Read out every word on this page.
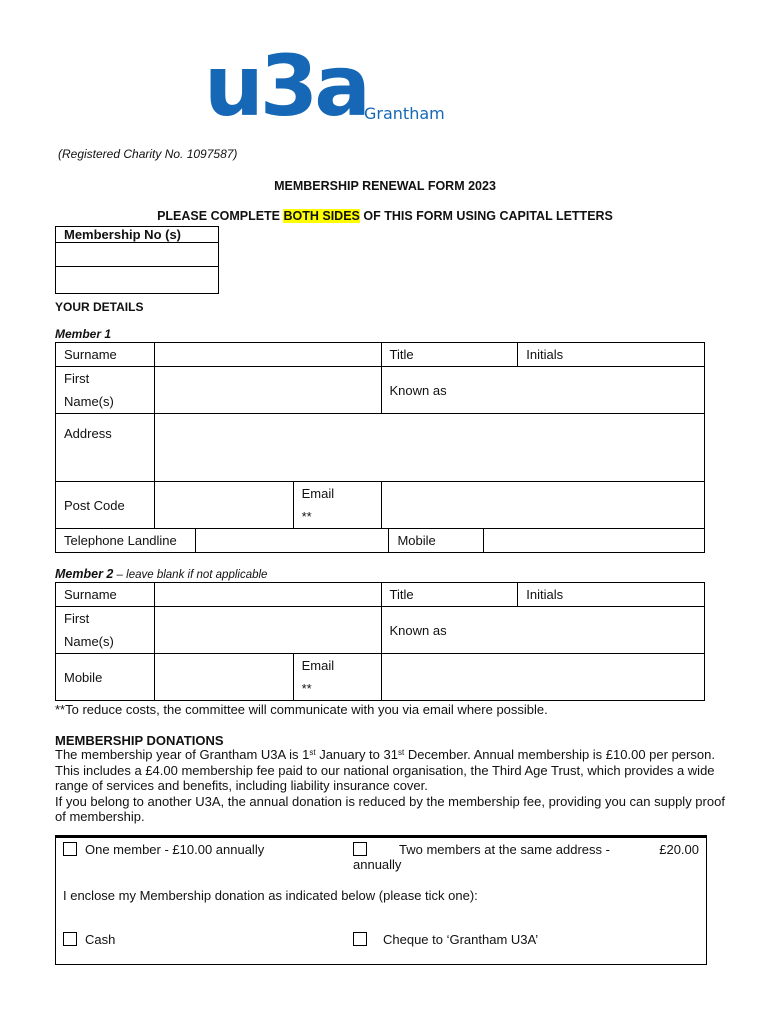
u3a
Grantham
(Registered Charity No. 1097587)
MEMBERSHIP RENEWAL FORM 2023
PLEASE COMPLETE BOTH SIDES OF THIS FORM USING CAPITAL LETTERS
Membership No (s)

YOUR DETAILS
Member 1
Surname				Title			Initials

First
Name(s)				Known as			
Address							
Post Code			Email
**				

Telephone Landline					Mobile		
Member 2 – leave blank if not applicable
Surname			Title	Initials

First
Name(s)			Known as	
Mobile		Email
**		

**To reduce costs, the committee will communicate with you via email where possible.
MEMBERSHIP DONATIONS
The membership year of Grantham U3A is 1st January to 31st December. Annual membership is £10.00 per person. This includes a £4.00 membership fee paid to our national organisation, the Third Age Trust, which provides a wide range of services and benefits, including liability insurance cover.
If you belong to another U3A, the annual donation is reduced by the membership fee, providing you can supply proof of membership.
One member - £10.00 annually	Two members at the same address -	£20.00
annually
I enclose my Membership donation as indicated below (please tick one):
Cash	Cheque to ‘Grantham U3A’
